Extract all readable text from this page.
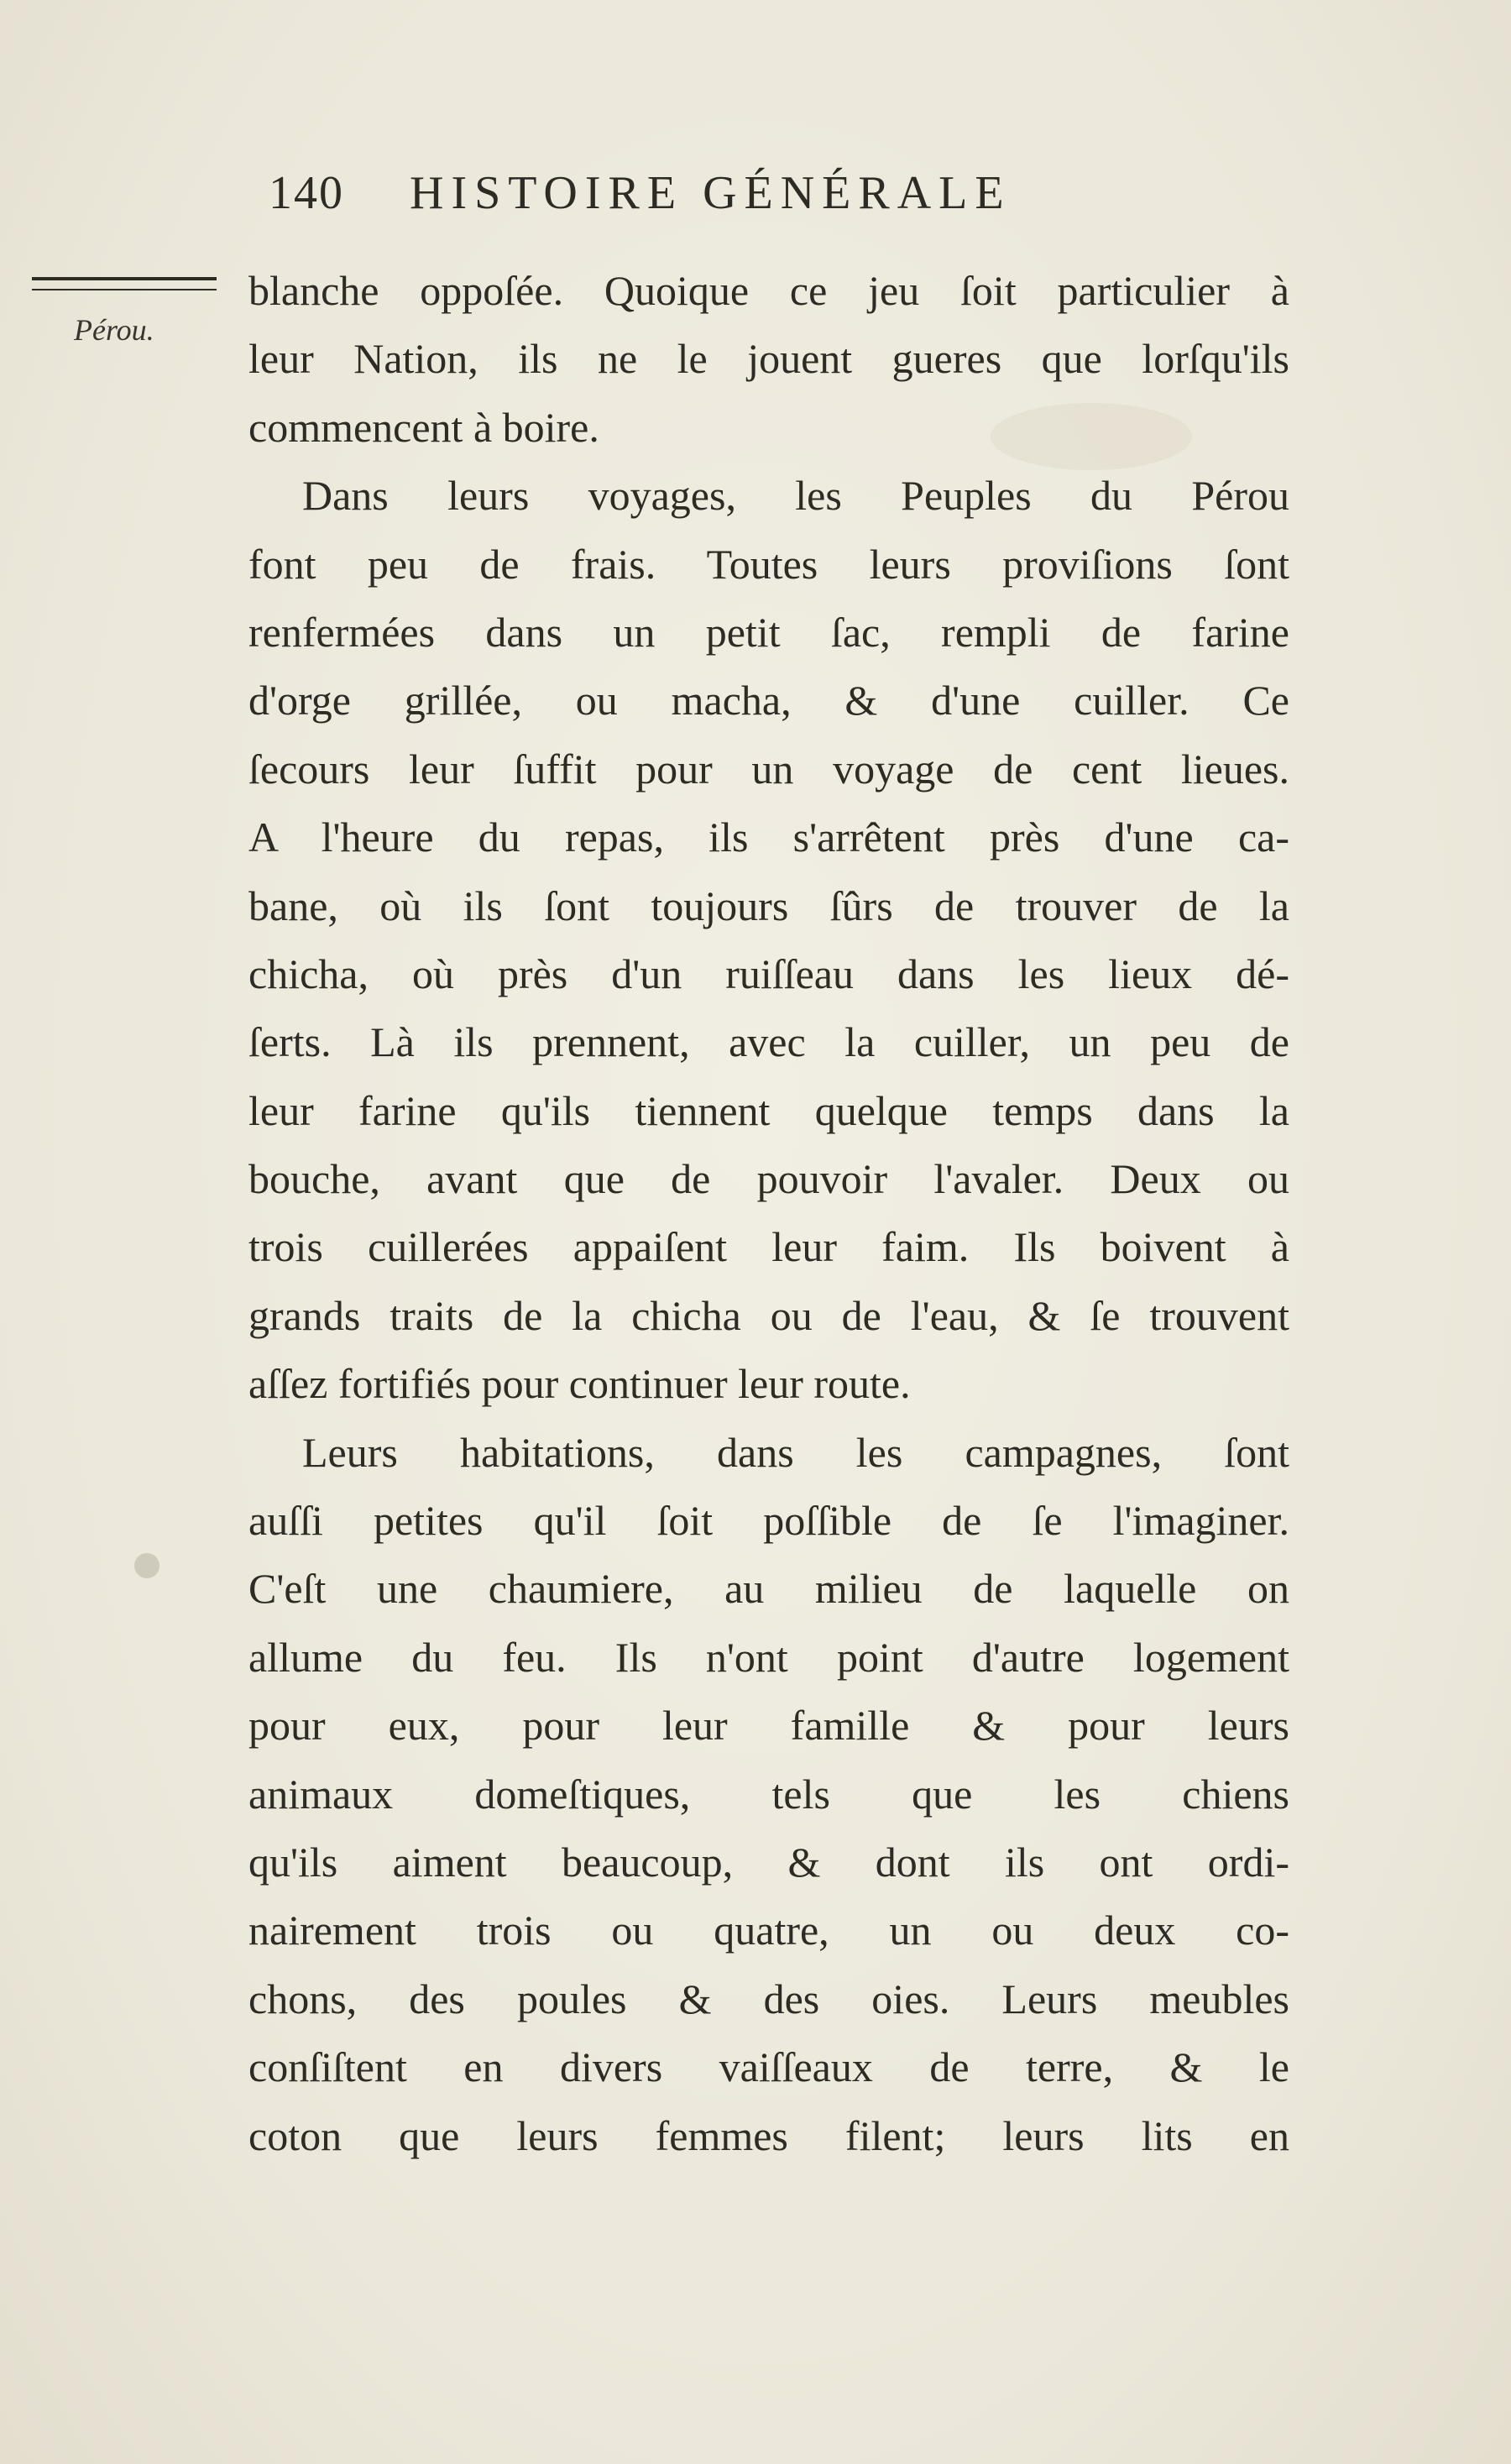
140 HISTOIRE GÉNÉRALE
Pérou.
blanche oppoſée. Quoique ce jeu ſoit particulier à
leur Nation, ils ne le jouent gueres que lorſqu'ils
commencent à boire.
Dans leurs voyages, les Peuples du Pérou
font peu de frais. Toutes leurs proviſions ſont
renfermées dans un petit ſac, rempli de farine
d'orge grillée, ou macha, & d'une cuiller. Ce
ſecours leur ſuffit pour un voyage de cent lieues.
A l'heure du repas, ils s'arrêtent près d'une ca-
bane, où ils ſont toujours ſûrs de trouver de la
chicha, où près d'un ruiſſeau dans les lieux dé-
ſerts. Là ils prennent, avec la cuiller, un peu de
leur farine qu'ils tiennent quelque temps dans la
bouche, avant que de pouvoir l'avaler. Deux ou
trois cuillerées appaiſent leur faim. Ils boivent à
grands traits de la chicha ou de l'eau, & ſe trouvent
aſſez fortifiés pour continuer leur route.
Leurs habitations, dans les campagnes, ſont
auſſi petites qu'il ſoit poſſible de ſe l'imaginer.
C'eſt une chaumiere, au milieu de laquelle on
allume du feu. Ils n'ont point d'autre logement
pour eux, pour leur famille & pour leurs
animaux domeſtiques, tels que les chiens
qu'ils aiment beaucoup, & dont ils ont ordi-
nairement trois ou quatre, un ou deux co-
chons, des poules & des oies. Leurs meubles
conſiſtent en divers vaiſſeaux de terre, & le
coton que leurs femmes filent; leurs lits en
